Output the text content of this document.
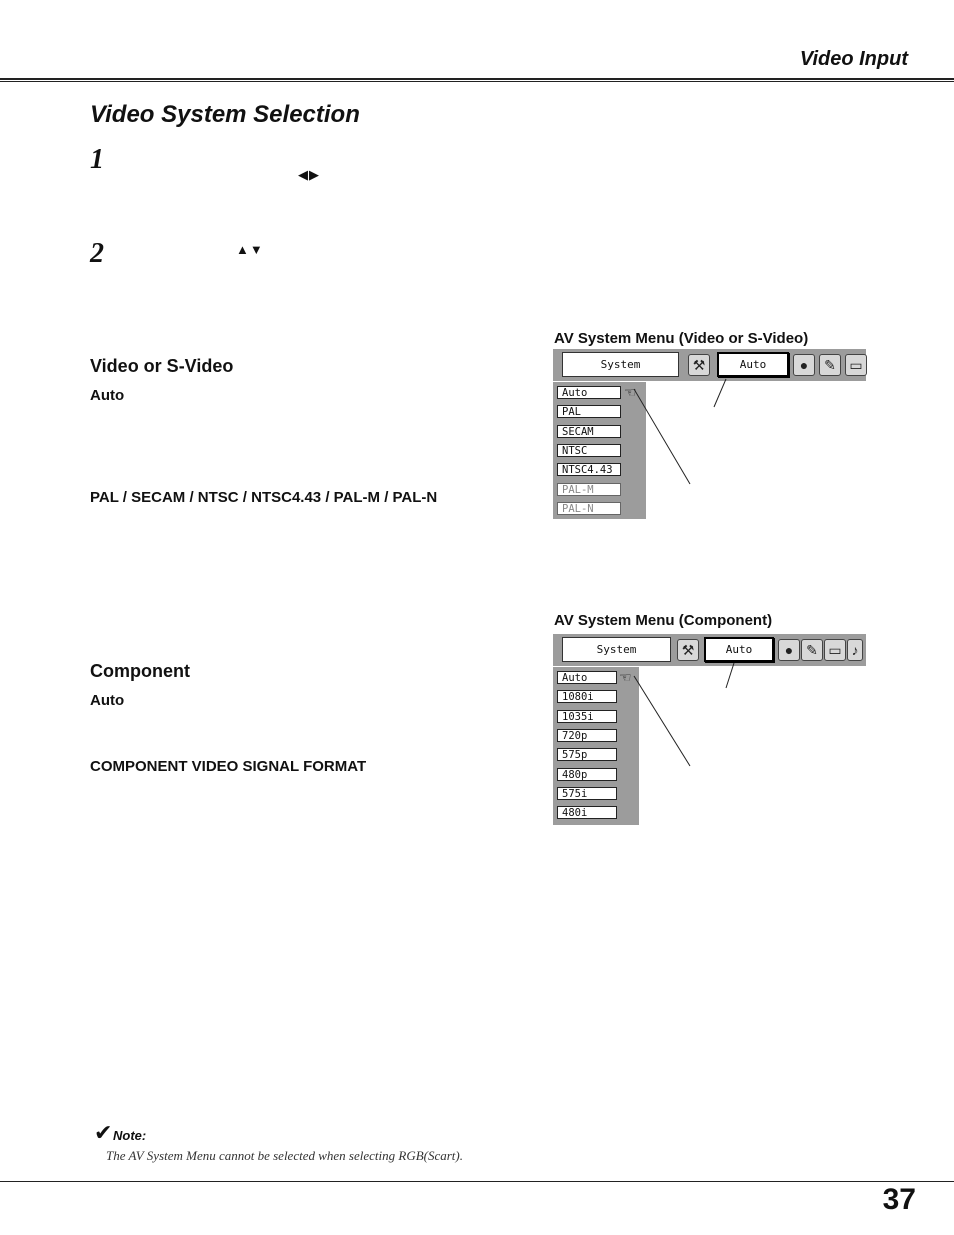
Video Input
Video System Selection
1	◀▶
2	▲▼
Video or S-Video
Auto
PAL / SECAM / NTSC / NTSC4.43 / PAL-M / PAL-N
Component
Auto
COMPONENT VIDEO SIGNAL FORMAT
AV System Menu (Video or S-Video)
System	⚒	Auto	●	✎ ▭
Auto
PAL
SECAM
NTSC
NTSC4.43
PAL-M
PAL-N
☜
AV System Menu (Component)
System	⚒	Auto	● ✎ ▭ ♪
Auto
1080i
1035i
720p
575p
480p
575i
480i
☜
✔ Note:
The AV System Menu cannot be selected when selecting RGB(Scart).
37
